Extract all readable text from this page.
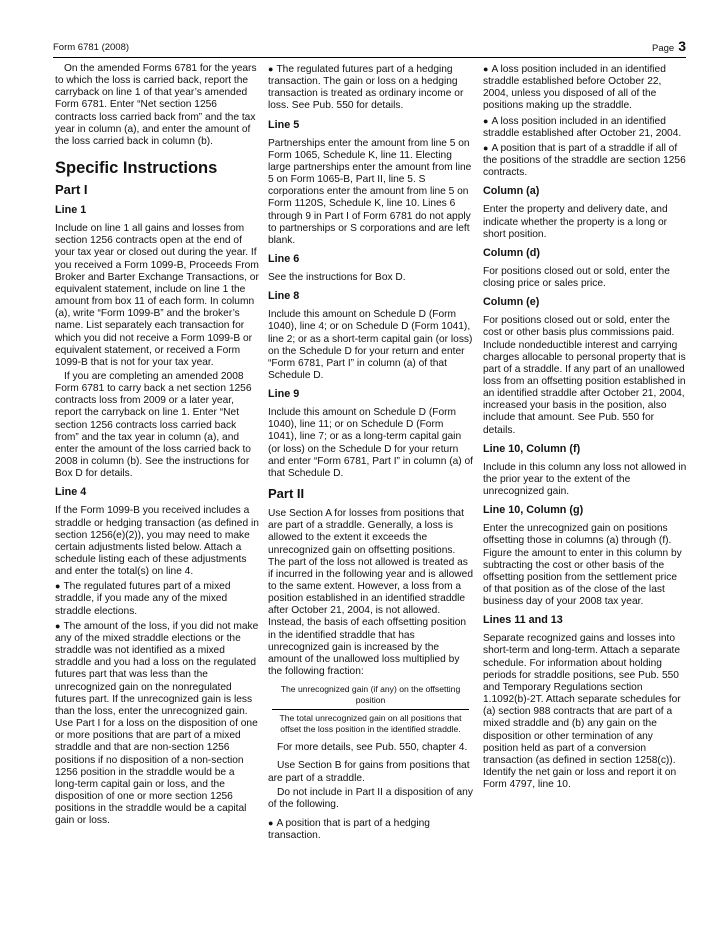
Form 6781 (2008)	Page 3

On the amended Forms 6781 for the years to which the loss is carried back, report the carryback on line 1 of that year’s amended Form 6781. Enter “Net section 1256 contracts loss carried back from” and the tax year in column (a), and enter the amount of the loss carried back in column (b).

Specific Instructions
Part I
Line 1

Include on line 1 all gains and losses from section 1256 contracts open at the end of your tax year or closed out during the year. If you received a Form 1099-B, Proceeds From Broker and Barter Exchange Transactions, or equivalent statement, include on line 1 the amount from box 11 of each form. In column (a), write “Form 1099-B” and the broker’s name. List separately each transaction for which you did not receive a Form 1099-B or equivalent statement, or received a Form 1099-B that is not for your tax year.

If you are completing an amended 2008 Form 6781 to carry back a net section 1256 contracts loss from 2009 or a later year, report the carryback on line 1. Enter “Net section 1256 contracts loss carried back from” and the tax year in column (a), and enter the amount of the loss carried back to 2008 in column (b). See the instructions for Box D for details.

Line 4

If the Form 1099-B you received includes a straddle or hedging transaction (as defined in section 1256(e)(2)), you may need to make certain adjustments listed below. Attach a schedule listing each of these adjustments and enter the total(s) on line 4.

● The regulated futures part of a mixed straddle, if you made any of the mixed straddle elections.

● The amount of the loss, if you did not make any of the mixed straddle elections or the straddle was not identified as a mixed straddle and you had a loss on the regulated futures part that was less than the unrecognized gain on the nonregulated futures part. If the unrecognized gain is less than the loss, enter the unrecognized gain. Use Part I for a loss on the disposition of one or more positions that are part of a mixed straddle and that are non-section 1256 positions if no disposition of a non-section 1256 position in the straddle would be a long-term capital gain or loss, and the disposition of one or more section 1256 positions in the straddle would be a capital gain or loss.

● The regulated futures part of a hedging transaction. The gain or loss on a hedging transaction is treated as ordinary income or loss. See Pub. 550 for details.

Line 5

Partnerships enter the amount from line 5 on Form 1065, Schedule K, line 11. Electing large partnerships enter the amount from line 5 on Form 1065-B, Part II, line 5. S corporations enter the amount from line 5 on Form 1120S, Schedule K, line 10. Lines 6 through 9 in Part I of Form 6781 do not apply to partnerships or S corporations and are left blank.

Line 6

See the instructions for Box D.

Line 8

Include this amount on Schedule D (Form 1040), line 4; or on Schedule D (Form 1041), line 2; or as a short-term capital gain (or loss) on the Schedule D for your return and enter “Form 6781, Part I” in column (a) of that Schedule D.

Line 9

Include this amount on Schedule D (Form 1040), line 11; or on Schedule D (Form 1041), line 7; or as a long-term capital gain (or loss) on the Schedule D for your return and enter “Form 6781, Part I” in column (a) of that Schedule D.

Part II

Use Section A for losses from positions that are part of a straddle. Generally, a loss is allowed to the extent it exceeds the unrecognized gain on offsetting positions. The part of the loss not allowed is treated as if incurred in the following year and is allowed to the same extent. However, a loss from a position established in an identified straddle after October 21, 2004, is not allowed. Instead, the basis of each offsetting position in the identified straddle that has unrecognized gain is increased by the amount of the unallowed loss multiplied by the following fraction:

The unrecognized gain (if any) on the offsetting position
The total unrecognized gain on all positions that offset the loss position in the identified straddle.

For more details, see Pub. 550, chapter 4.

Use Section B for gains from positions that are part of a straddle.

Do not include in Part II a disposition of any of the following.

● A position that is part of a hedging transaction.

● A loss position included in an identified straddle established before October 22, 2004, unless you disposed of all of the positions making up the straddle.

● A loss position included in an identified straddle established after October 21, 2004.

● A position that is part of a straddle if all of the positions of the straddle are section 1256 contracts.

Column (a)

Enter the property and delivery date, and indicate whether the property is a long or short position.

Column (d)

For positions closed out or sold, enter the closing price or sales price.

Column (e)

For positions closed out or sold, enter the cost or other basis plus commissions paid. Include nondeductible interest and carrying charges allocable to personal property that is part of a straddle. If any part of an unallowed loss from an offsetting position established in an identified straddle after October 21, 2004, increased your basis in the position, also include that amount. See Pub. 550 for details.

Line 10, Column (f)

Include in this column any loss not allowed in the prior year to the extent of the unrecognized gain.

Line 10, Column (g)

Enter the unrecognized gain on positions offsetting those in columns (a) through (f). Figure the amount to enter in this column by subtracting the cost or other basis of the offsetting position from the settlement price of that position as of the close of the last business day of your 2008 tax year.

Lines 11 and 13

Separate recognized gains and losses into short-term and long-term. Attach a separate schedule. For information about holding periods for straddle positions, see Pub. 550 and Temporary Regulations section 1.1092(b)-2T. Attach separate schedules for (a) section 988 contracts that are part of a mixed straddle and (b) any gain on the disposition or other termination of any position held as part of a conversion transaction (as defined in section 1258(c)). Identify the net gain or loss and report it on Form 4797, line 10.
